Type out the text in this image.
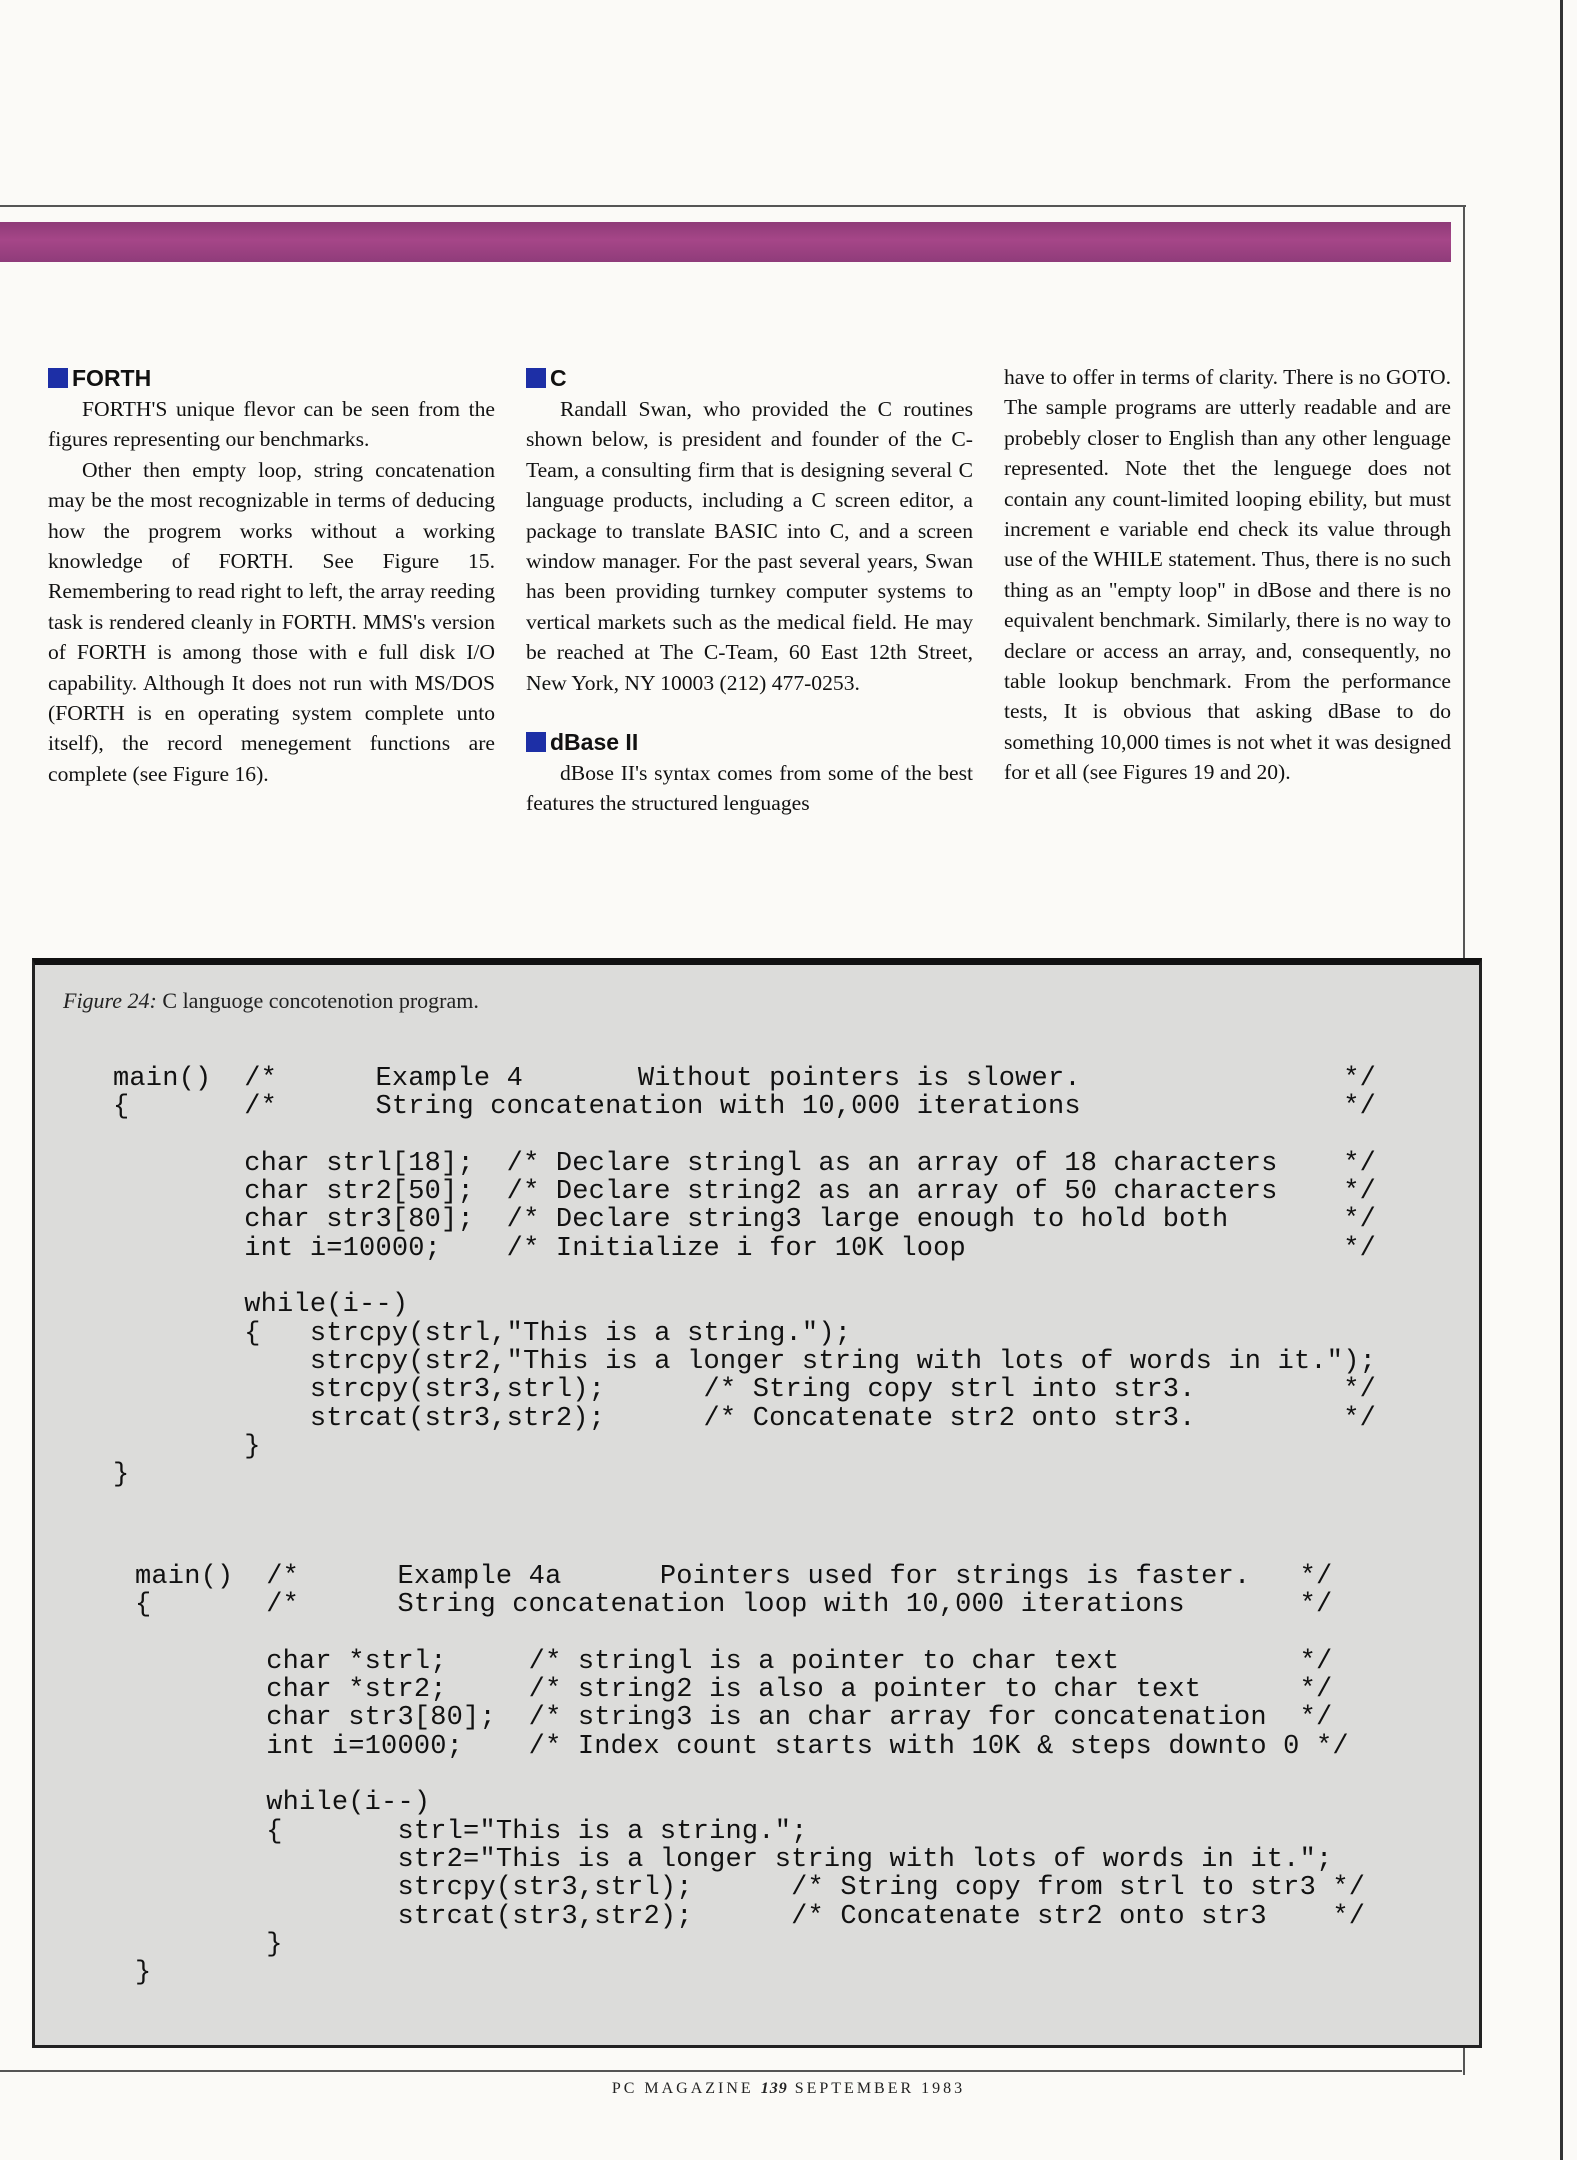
FORTH

FORTH'S unique flevor can be seen from the figures representing our benchmarks.

Other then empty loop, string concatenation may be the most recognizable in terms of deducing how the progrem works without a working knowledge of FORTH. See Figure 15. Remembering to read right to left, the array reeding task is rendered cleanly in FORTH. MMS's version of FORTH is among those with e full disk I/O capability. Although It does not run with MS/DOS (FORTH is en operating system complete unto itself), the record menegement functions are complete (see Figure 16).

C

Randall Swan, who provided the C routines shown below, is president and founder of the C-Team, a consulting firm that is designing several C language products, including a C screen editor, a package to translate BASIC into C, and a screen window manager. For the past several years, Swan has been providing turnkey computer systems to vertical markets such as the medical field. He may be reached at The C-Team, 60 East 12th Street, New York, NY 10003 (212) 477-0253.

dBase II

dBose II's syntax comes from some of the best features the structured lenguages

have to offer in terms of clarity. There is no GOTO. The sample programs are utterly readable and are probebly closer to English than any other lenguage represented. Note thet the lenguege does not contain any count-limited looping ebility, but must increment e variable end check its value through use of the WHILE statement. Thus, there is no such thing as an "empty loop" in dBose and there is no equivalent benchmark. Similarly, there is no way to declare or access an array, and, consequently, no table lookup benchmark. From the performance tests, It is obvious that asking dBase to do something 10,000 times is not whet it was designed for et all (see Figures 19 and 20).

Figure 24: C languoge concotenotion program.
main()  /*      Example 4       Without pointers is slower.                */
{       /*      String concatenation with 10,000 iterations                */

char strl[18];  /* Declare stringl as an array of 18 characters    */
char str2[50];  /* Declare string2 as an array of 50 characters    */
char str3[80];  /* Declare string3 large enough to hold both       */
int i=10000;    /* Initialize i for 10K loop                       */

while(i--)
{   strcpy(strl,"This is a string.");
strcpy(str2,"This is a longer string with lots of words in it.");
strcpy(str3,strl);      /* String copy strl into str3.         */
strcat(str3,str2);      /* Concatenate str2 onto str3.         */
}
}
main()  /*      Example 4a      Pointers used for strings is faster.   */
{       /*      String concatenation loop with 10,000 iterations       */

char *strl;     /* stringl is a pointer to char text           */
char *str2;     /* string2 is also a pointer to char text      */
char str3[80];  /* string3 is an char array for concatenation  */
int i=10000;    /* Index count starts with 10K & steps downto 0 */

while(i--)
{       strl="This is a string.";
str2="This is a longer string with lots of words in it.";
strcpy(str3,strl);      /* String copy from strl to str3 */
strcat(str3,str2);      /* Concatenate str2 onto str3    */
}
}
PC MAGAZINE 139 SEPTEMBER 1983
